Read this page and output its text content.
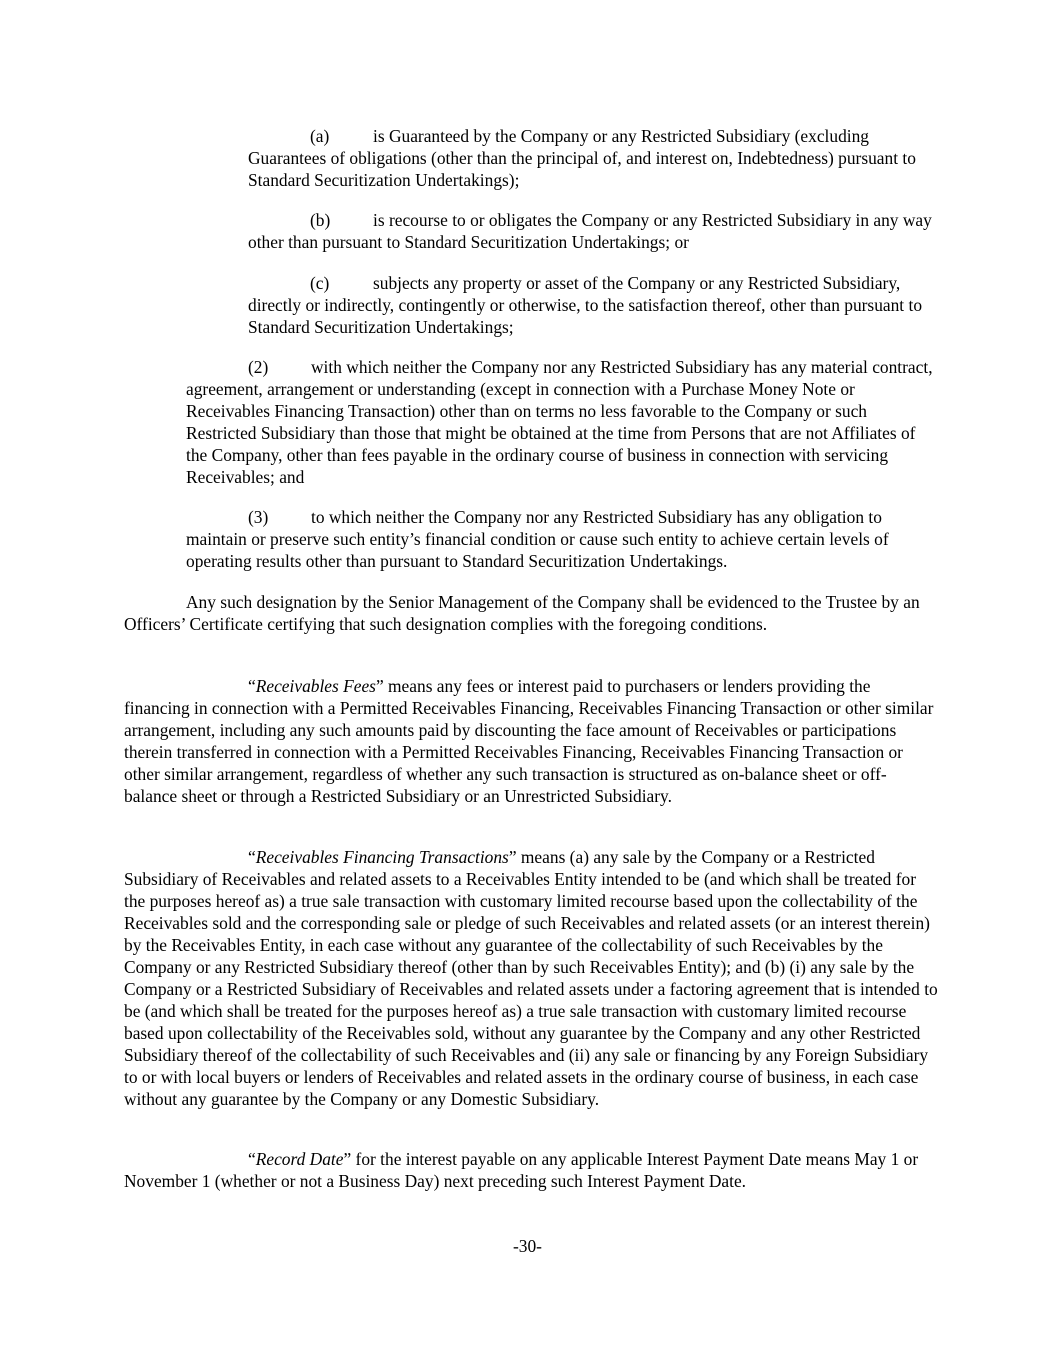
(a)	is Guaranteed by the Company or any Restricted Subsidiary (excluding Guarantees of obligations (other than the principal of, and interest on, Indebtedness) pursuant to Standard Securitization Undertakings);

(b) is recourse to or obligates the Company or any Restricted Subsidiary in any way other than pursuant to Standard Securitization Undertakings; or

(c)	subjects any property or asset of the Company or any Restricted Subsidiary, directly or indirectly, contingently or otherwise, to the satisfaction thereof, other than pursuant to Standard Securitization Undertakings;

(2) with which neither the Company nor any Restricted Subsidiary has any material contract, agreement, arrangement or understanding (except in connection with a Purchase Money Note or Receivables Financing Transaction) other than on terms no less favorable to the Company or such Restricted Subsidiary than those that might be obtained at the time from Persons that are not Affiliates of the Company, other than fees payable in the ordinary course of business in connection with servicing Receivables; and

(3) to which neither the Company nor any Restricted Subsidiary has any obligation to maintain or preserve such entity’s financial condition or cause such entity to achieve certain levels of operating results other than pursuant to Standard Securitization Undertakings.

Any such designation by the Senior Management of the Company shall be evidenced to the Trustee by an Officers’ Certificate certifying that such designation complies with the foregoing conditions.

“Receivables Fees” means any fees or interest paid to purchasers or lenders providing the financing in connection with a Permitted Receivables Financing, Receivables Financing Transaction or other similar arrangement, including any such amounts paid by discounting the face amount of Receivables or participations therein transferred in connection with a Permitted Receivables Financing, Receivables Financing Transaction or other similar arrangement, regardless of whether any such transaction is structured as on-balance sheet or off-balance sheet or through a Restricted Subsidiary or an Unrestricted Subsidiary.

“Receivables Financing Transactions” means (a) any sale by the Company or a Restricted Subsidiary of Receivables and related assets to a Receivables Entity intended to be (and which shall be treated for the purposes hereof as) a true sale transaction with customary limited recourse based upon the collectability of the Receivables sold and the corresponding sale or pledge of such Receivables and related assets (or an interest therein) by the Receivables Entity, in each case without any guarantee of the collectability of such Receivables by the Company or any Restricted Subsidiary thereof (other than by such Receivables Entity); and (b) (i) any sale by the Company or a Restricted Subsidiary of Receivables and related assets under a factoring agreement that is intended to be (and which shall be treated for the purposes hereof as) a true sale transaction with customary limited recourse based upon collectability of the Receivables sold, without any guarantee by the Company and any other Restricted Subsidiary thereof of the collectability of such Receivables and (ii) any sale or financing by any Foreign Subsidiary to or with local buyers or lenders of Receivables and related assets in the ordinary course of business, in each case without any guarantee by the Company or any Domestic Subsidiary.

“Record Date” for the interest payable on any applicable Interest Payment Date means May 1 or November 1 (whether or not a Business Day) next preceding such Interest Payment Date.

-30-
